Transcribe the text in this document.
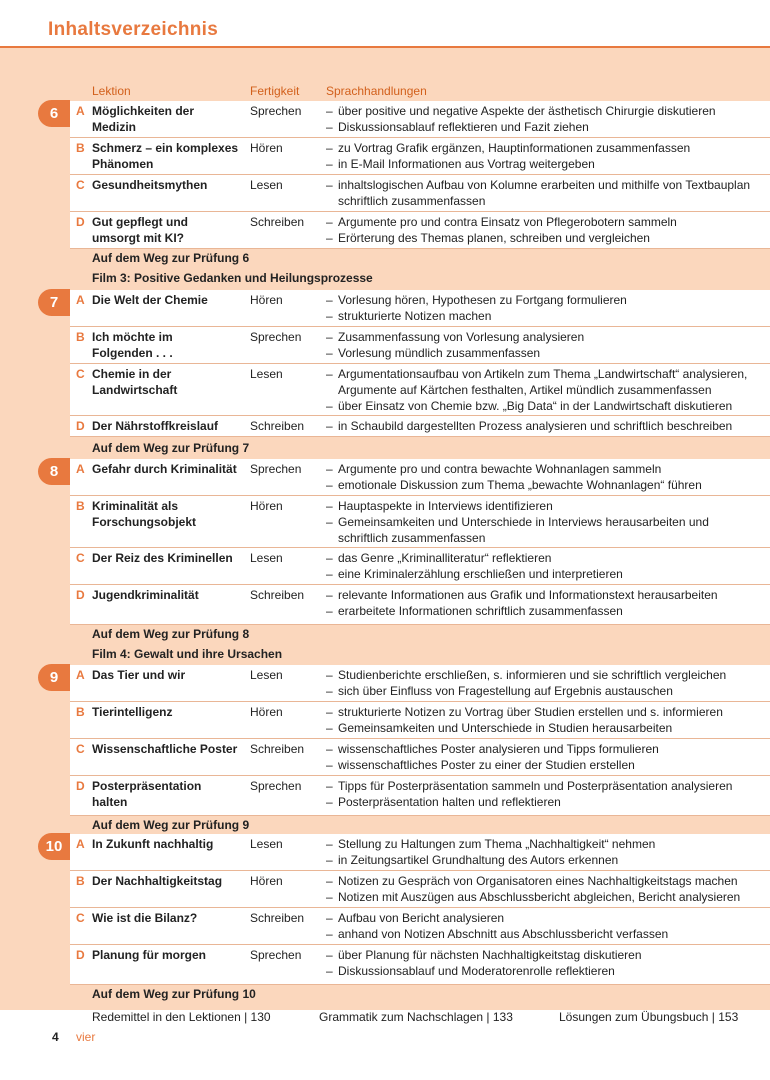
Inhaltsverzeichnis
Lektion	Fertigkeit Sprachhandlungen
6	A Möglichkeiten der
Medizin
Sprechen	– über positive und negative Aspekte der ästhetisch Chirurgie diskutieren
– Diskussionsablauf reflektieren und Fazit ziehen
B Schmerz – ein komplexes
Phänomen
Hören	– zu Vortrag Grafik ergänzen, Hauptinformationen zusammenfassen
– in E-Mail Informationen aus Vortrag weitergeben
C Gesundheitsmythen	Lesen	– inhaltslogischen Aufbau von Kolumne erarbeiten und mithilfe von Textbauplan
schriftlich zusammenfassen
D Gut gepflegt und
umsorgt mit KI?
Schreiben	– Argumente pro und contra Einsatz von Pflegerobotern sammeln
– Erörterung des Themas planen, schreiben und vergleichen
Auf dem Weg zur Prüfung 6
Film 3: Positive Gedanken und Heilungsprozesse
7	A Die Welt der Chemie	Hören	– Vorlesung hören, Hypothesen zu Fortgang formulieren
– strukturierte Notizen machen
B Ich möchte im
Folgenden . . .
Sprechen	– Zusammenfassung von Vorlesung analysieren
– Vorlesung mündlich zusammenfassen
C Chemie in der
Landwirtschaft
Lesen	– Argumentationsaufbau von Artikeln zum Thema „Landwirtschaft“ analysieren,
Argumente auf Kärtchen festhalten, Artikel mündlich zusammenfassen
– über Einsatz von Chemie bzw. „Big Data“ in der Landwirtschaft diskutieren
D Der Nährstoffkreislauf	Schreiben	– in Schaubild dargestellten Prozess analysieren und schriftlich beschreiben
Auf dem Weg zur Prüfung 7
8	A Gefahr durch Kriminalität	Sprechen	– Argumente pro und contra bewachte Wohnanlagen sammeln
– emotionale Diskussion zum Thema „bewachte Wohnanlagen“ führen
B Kriminalität als
Forschungsobjekt
Hören	– Hauptaspekte in Interviews identifizieren
– Gemeinsamkeiten und Unterschiede in Interviews herausarbeiten und
schriftlich zusammenfassen
C Der Reiz des Kriminellen	Lesen	– das Genre „Kriminalliteratur“ reflektieren
– eine Kriminalerzählung erschließen und interpretieren
D Jugendkriminalität	Schreiben	– relevante Informationen aus Grafik und Informationstext herausarbeiten
– erarbeitete Informationen schriftlich zusammenfassen
Auf dem Weg zur Prüfung 8
Film 4: Gewalt und ihre Ursachen
9	A Das Tier und wir	Lesen	– Studienberichte erschließen, s. informieren und sie schriftlich vergleichen
– sich über Einfluss von Fragestellung auf Ergebnis austauschen
B Tierintelligenz	Hören	– strukturierte Notizen zu Vortrag über Studien erstellen und s. informieren
– Gemeinsamkeiten und Unterschiede in Studien herausarbeiten
C Wissenschaftliche Poster	Schreiben	– wissenschaftliches Poster analysieren und Tipps formulieren
– wissenschaftliches Poster zu einer der Studien erstellen
D Posterpräsentation
halten
Sprechen	– Tipps für Posterpräsentation sammeln und Posterpräsentation analysieren
– Posterpräsentation halten und reflektieren
Auf dem Weg zur Prüfung 9
10	A In Zukunft nachhaltig	Lesen	– Stellung zu Haltungen zum Thema „Nachhaltigkeit“ nehmen
– in Zeitungsartikel Grundhaltung des Autors erkennen
B Der Nachhaltigkeitstag	Hören	– Notizen zu Gespräch von Organisatoren eines Nachhaltigkeitstags machen
– Notizen mit Auszügen aus Abschlussbericht abgleichen, Bericht analysieren
C Wie ist die Bilanz?	Schreiben	– Aufbau von Bericht analysieren
– anhand von Notizen Abschnitt aus Abschlussbericht verfassen
D Planung für morgen	Sprechen	– über Planung für nächsten Nachhaltigkeitstag diskutieren
– Diskussionsablauf und Moderatorenrolle reflektieren
Auf dem Weg zur Prüfung 10
Redemittel in den Lektionen | 130	Grammatik zum Nachschlagen | 133	Lösungen zum Übungsbuch | 153
4 vier
